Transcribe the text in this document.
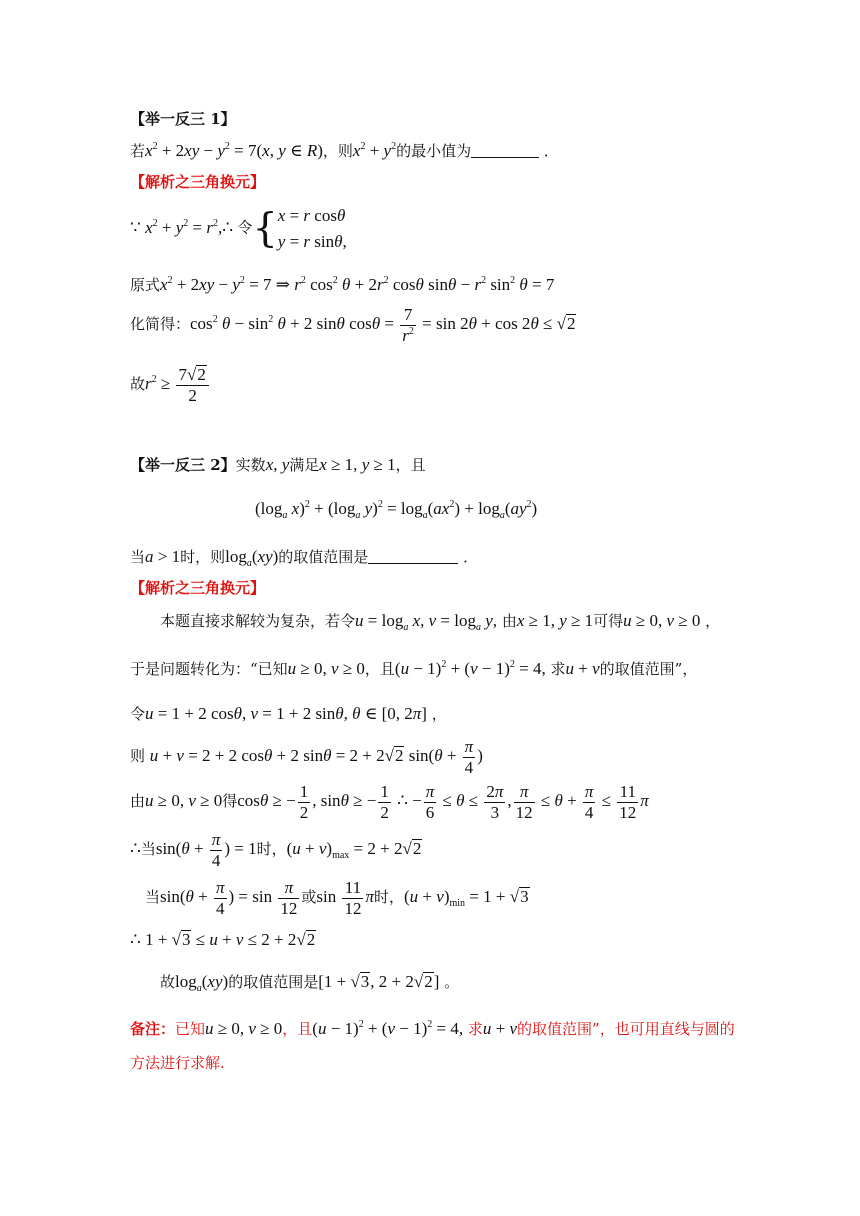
【举一反三 1】
若$x^2 + 2xy - y^2 = 7(x$, y ∈ R)，则$x^2 + y^2$的最小值为	．
【解析之三角换元】
∵ $x^2 + y^2$ = $r^2,\therefore$ 令{ x = r cosθ
y = r sinθ,
原式$x^2 + 2xy - y^2 = 7$ ⇒ $r^2$ $\cos^2 \theta + 2r^2$ cosθ $\sin\theta - r^2$ $\sin^2 \theta = 7$
化简得：$\cos^2 \theta - \sin^2 \theta + 2$ sinθ $\cos\theta = \frac{7}{r^2} = \sin 2\theta + \cos 2\theta \le √2$
故$r^2 \ge \frac{7√2}{2}$
【举一反三 2】实数x, y满足x ≥ 1, y ≥ 1，且
($\log_a$ $x)^2 + (\log_a$ $y)^2 = \log_a(ax^2) + \log_a(ay^2)$
当a > 1时，则$\log_a(xy)$的取值范围是	．
【解析之三角换元】
本题直接求解较为复杂，若令$u = \log_a x$, $v = \log_a y$, 由x ≥ 1, y ≥ 1可得u ≥ 0, v ≥ 0 ，
于是问题转化为：“已知u ≥ 0, v ≥ 0，且$(u - 1)^2 + (v - 1)^2 = 4$, 求u + v的取值范围”，
令u = 1 + 2 cosθ, v = 1 + 2 sinθ, θ ∈ [0, 2π] ，
则 u + v = 2 + 2 cosθ + 2 sinθ = 2 + 2√2 $\sin(\theta + \frac{\pi}{4}$ )
由u ≥ 0, v ≥ 0得cosθ ≥ − $\frac{1}{2}$ , sinθ ≥ − $\frac{1}{2}$ ∴ − $\frac{\pi}{6} \le \theta \le \frac{2\pi}{3}$ , $\frac{\pi}{12} \le \theta + \frac{\pi}{4} \le \frac{11}{12}$ π
∴当$\sin(\theta + \frac{\pi}{4}$ ) = 1时，$(u + v)_{max} = 2 + 2√2$
当$\sin(\theta + \frac{\pi}{4}$ ) = $\sin \frac{\pi}{12}$ 或$\sin \frac{11}{12}$ π时，$(u + v)_{min} = 1 + √3$
∴ 1 + √3 ≤ u + v ≤ 2 + 2√2
故$\log_a(xy)$的取值范围是[1 + √3, 2 + 2√2] 。
备注：已知u ≥ 0, v ≥ 0，且$(u - 1)^2 + (v - 1)^2 = 4$, 求u + v的取值范围”，也可用直线与圆的
方法进行求解.
